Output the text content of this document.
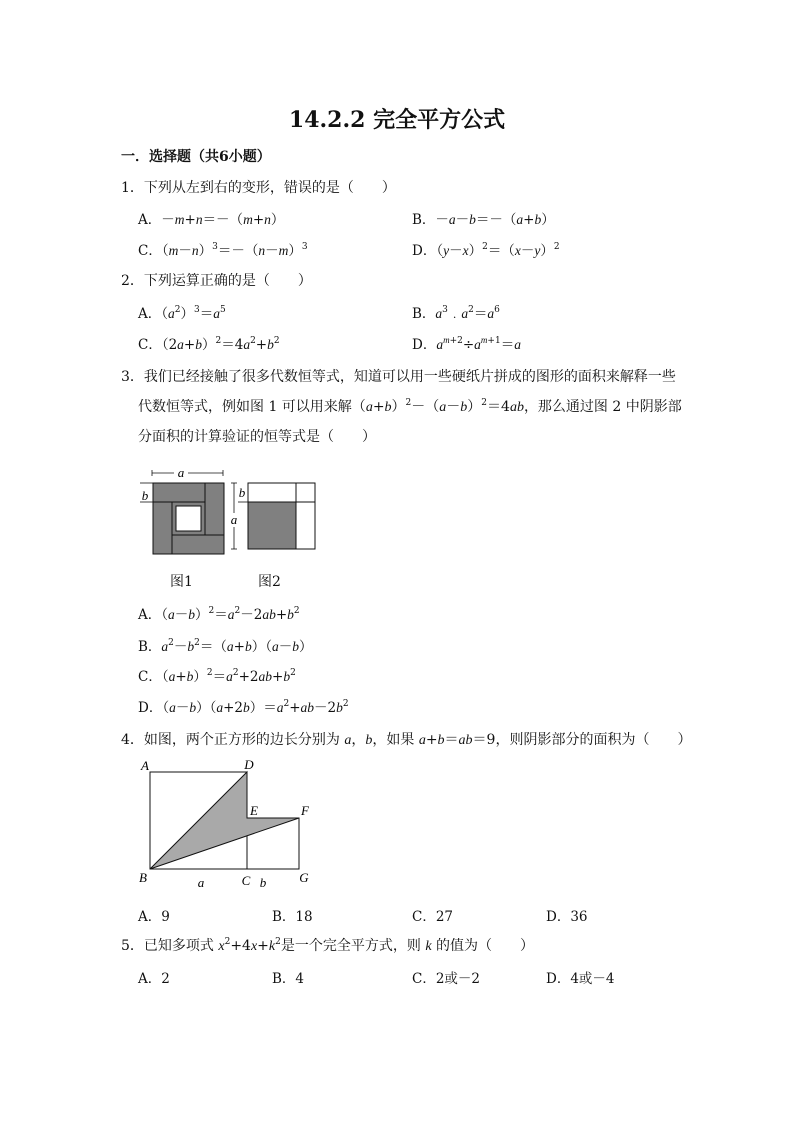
14.2.2 完全平方公式
一．选择题（共6小题）
1．下列从左到右的变形，错误的是（　　）
A．－m+n＝－（m+n）	B．－a－b＝－（a+b）
C．$(m-n)^3=-(n-m)^3$	D．$(y-x)^2=(x-y)^2$
2．下列运算正确的是（　　）
A．$(a^2)^3=a^5$	B．$a^3﹒a^2=a^6$
C．$(2a+b)^2=4a^2+b^2$	D．$a^{m+2}\div a^{m+1}=a$
3．我们已经接触了很多代数恒等式，知道可以用一些硬纸片拼成的图形的面积来解释一些
代数恒等式，例如图 1 可以用来解$(a+b)^2-(a-b)^2=4ab$，那么通过图 2 中阴影部
分面积的计算验证的恒等式是（　　）
a
b
a
b
图1	图2
A．$(a-b)^2=a^2-2ab+b^2$
B．$a^2-b^2=(a+b)(a-b)$
C．$(a+b)^2=a^2+2ab+b^2$
D．$(a-b)(a+2b)=a^2+ab-2b^2$
4．如图，两个正方形的边长分别为 a，b，如果 a+b＝ab＝9，则阴影部分的面积为（　　）
A	D
E	F
B	C	G
a	b
A．9	B．18	C．27	D．36
5．已知多项式 $x^2+4x+k^2$是一个完全平方式，则 k 的值为（　　）
A．2	B．4	C．2或－2	D．4或－4
